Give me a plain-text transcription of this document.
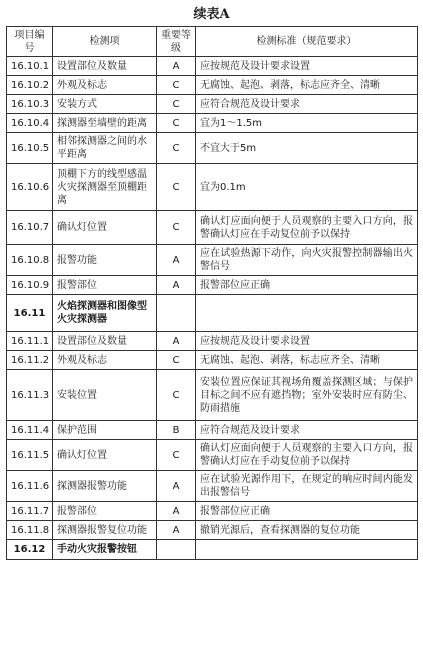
续表A
项目编号	检测项	重要等级	检测标准（规范要求）
16.10.1	设置部位及数量	A	应按规范及设计要求设置
16.10.2	外观及标志	C	无腐蚀、起泡、剥落，标志应齐全、清晰
16.10.3	安装方式	C	应符合规范及设计要求
16.10.4	探测器至墙壁的距离	C	宜为1～1.5m
16.10.5	相邻探测器之间的水平距离	C	不宜大于5m
16.10.6	顶棚下方的线型感温火灾探测器至顶棚距离	C	宜为0.1m
16.10.7	确认灯位置	C	确认灯应面向便于人员观察的主要入口方向，报警确认灯应在手动复位前予以保持
16.10.8	报警功能	A	应在试验热源下动作，向火灾报警控制器输出火警信号
16.10.9	报警部位	A	报警部位应正确
16.11	火焰探测器和图像型火灾探测器		
16.11.1	设置部位及数量	A	应按规范及设计要求设置
16.11.2	外观及标志	C	无腐蚀、起泡、剥落，标志应齐全、清晰
16.11.3	安装位置	C	安装位置应保证其视场角覆盖探测区域；与保护目标之间不应有遮挡物；室外安装时应有防尘、防雨措施
16.11.4	保护范围	B	应符合规范及设计要求
16.11.5	确认灯位置	C	确认灯应面向便于人员观察的主要入口方向，报警确认灯应在手动复位前予以保持
16.11.6	探测器报警功能	A	应在试验光源作用下，在规定的响应时间内能发出报警信号
16.11.7	报警部位	A	报警部位应正确
16.11.8	探测器报警复位功能	A	撤销光源后，查看探测器的复位功能
16.12	手动火灾报警按钮		
